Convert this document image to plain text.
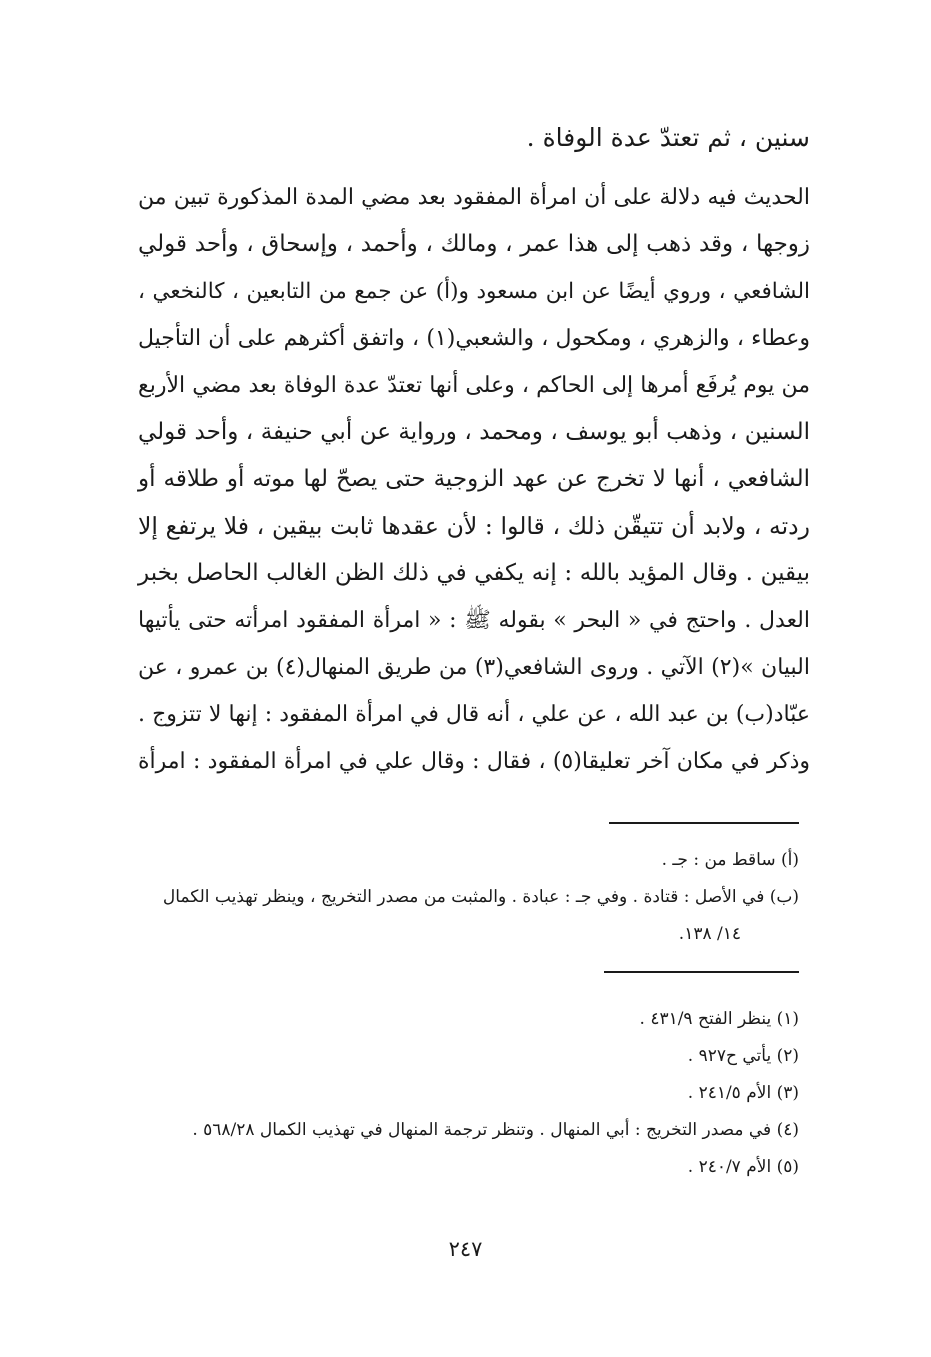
سنين ، ثم تعتدّ عدة الوفاة .
الحديث فيه دلالة على أن امرأة المفقود بعد مضي المدة المذكورة تبين من
زوجها ، وقد ذهب إلى هذا عمر ، ومالك ، وأحمد ، وإسحاق ، وأحد قولي
الشافعي ، وروي أيضًا عن ابن مسعود و(أ) عن جمع من التابعين ، كالنخعي ،
وعطاء ، والزهري ، ومكحول ، والشعبي(١) ، واتفق أكثرهم على أن التأجيل
من يوم يُرفَع أمرها إلى الحاكم ، وعلى أنها تعتدّ عدة الوفاة بعد مضي الأربع
السنين ، وذهب أبو يوسف ، ومحمد ، ورواية عن أبي حنيفة ، وأحد قولي
الشافعي ، أنها لا تخرج عن عهد الزوجية حتى يصحّ لها موته أو طلاقه أو
ردته ، ولابد أن تتيقّن ذلك ، قالوا : لأن عقدها ثابت بيقين ، فلا يرتفع إلا
بيقين . وقال المؤيد بالله : إنه يكفي في ذلك الظن الغالب الحاصل بخبر
العدل . واحتج في « البحر » بقوله ﷺ : « امرأة المفقود امرأته حتى يأتيها
البيان »(٢) الآتي . وروى الشافعي(٣) من طريق المنهال(٤) بن عمرو ، عن
عبّاد(ب) بن عبد الله ، عن علي ، أنه قال في امرأة المفقود : إنها لا تتزوج .
وذكر في مكان آخر تعليقا(٥) ، فقال : وقال علي في امرأة المفقود : امرأة
(أ) ساقط من : جـ .
(ب) في الأصل : قتادة . وفي جـ : عبادة . والمثبت من مصدر التخريج ، وينظر تهذيب الكمال
١٤/ ١٣٨.
(١) ينظر الفتح ٤٣١/٩ .
(٢) يأتي ح٩٢٧ .
(٣) الأم ٢٤١/٥ .
(٤) في مصدر التخريج : أبي المنهال . وتنظر ترجمة المنهال في تهذيب الكمال ٥٦٨/٢٨ .
(٥) الأم ٢٤٠/٧ .
٢٤٧
